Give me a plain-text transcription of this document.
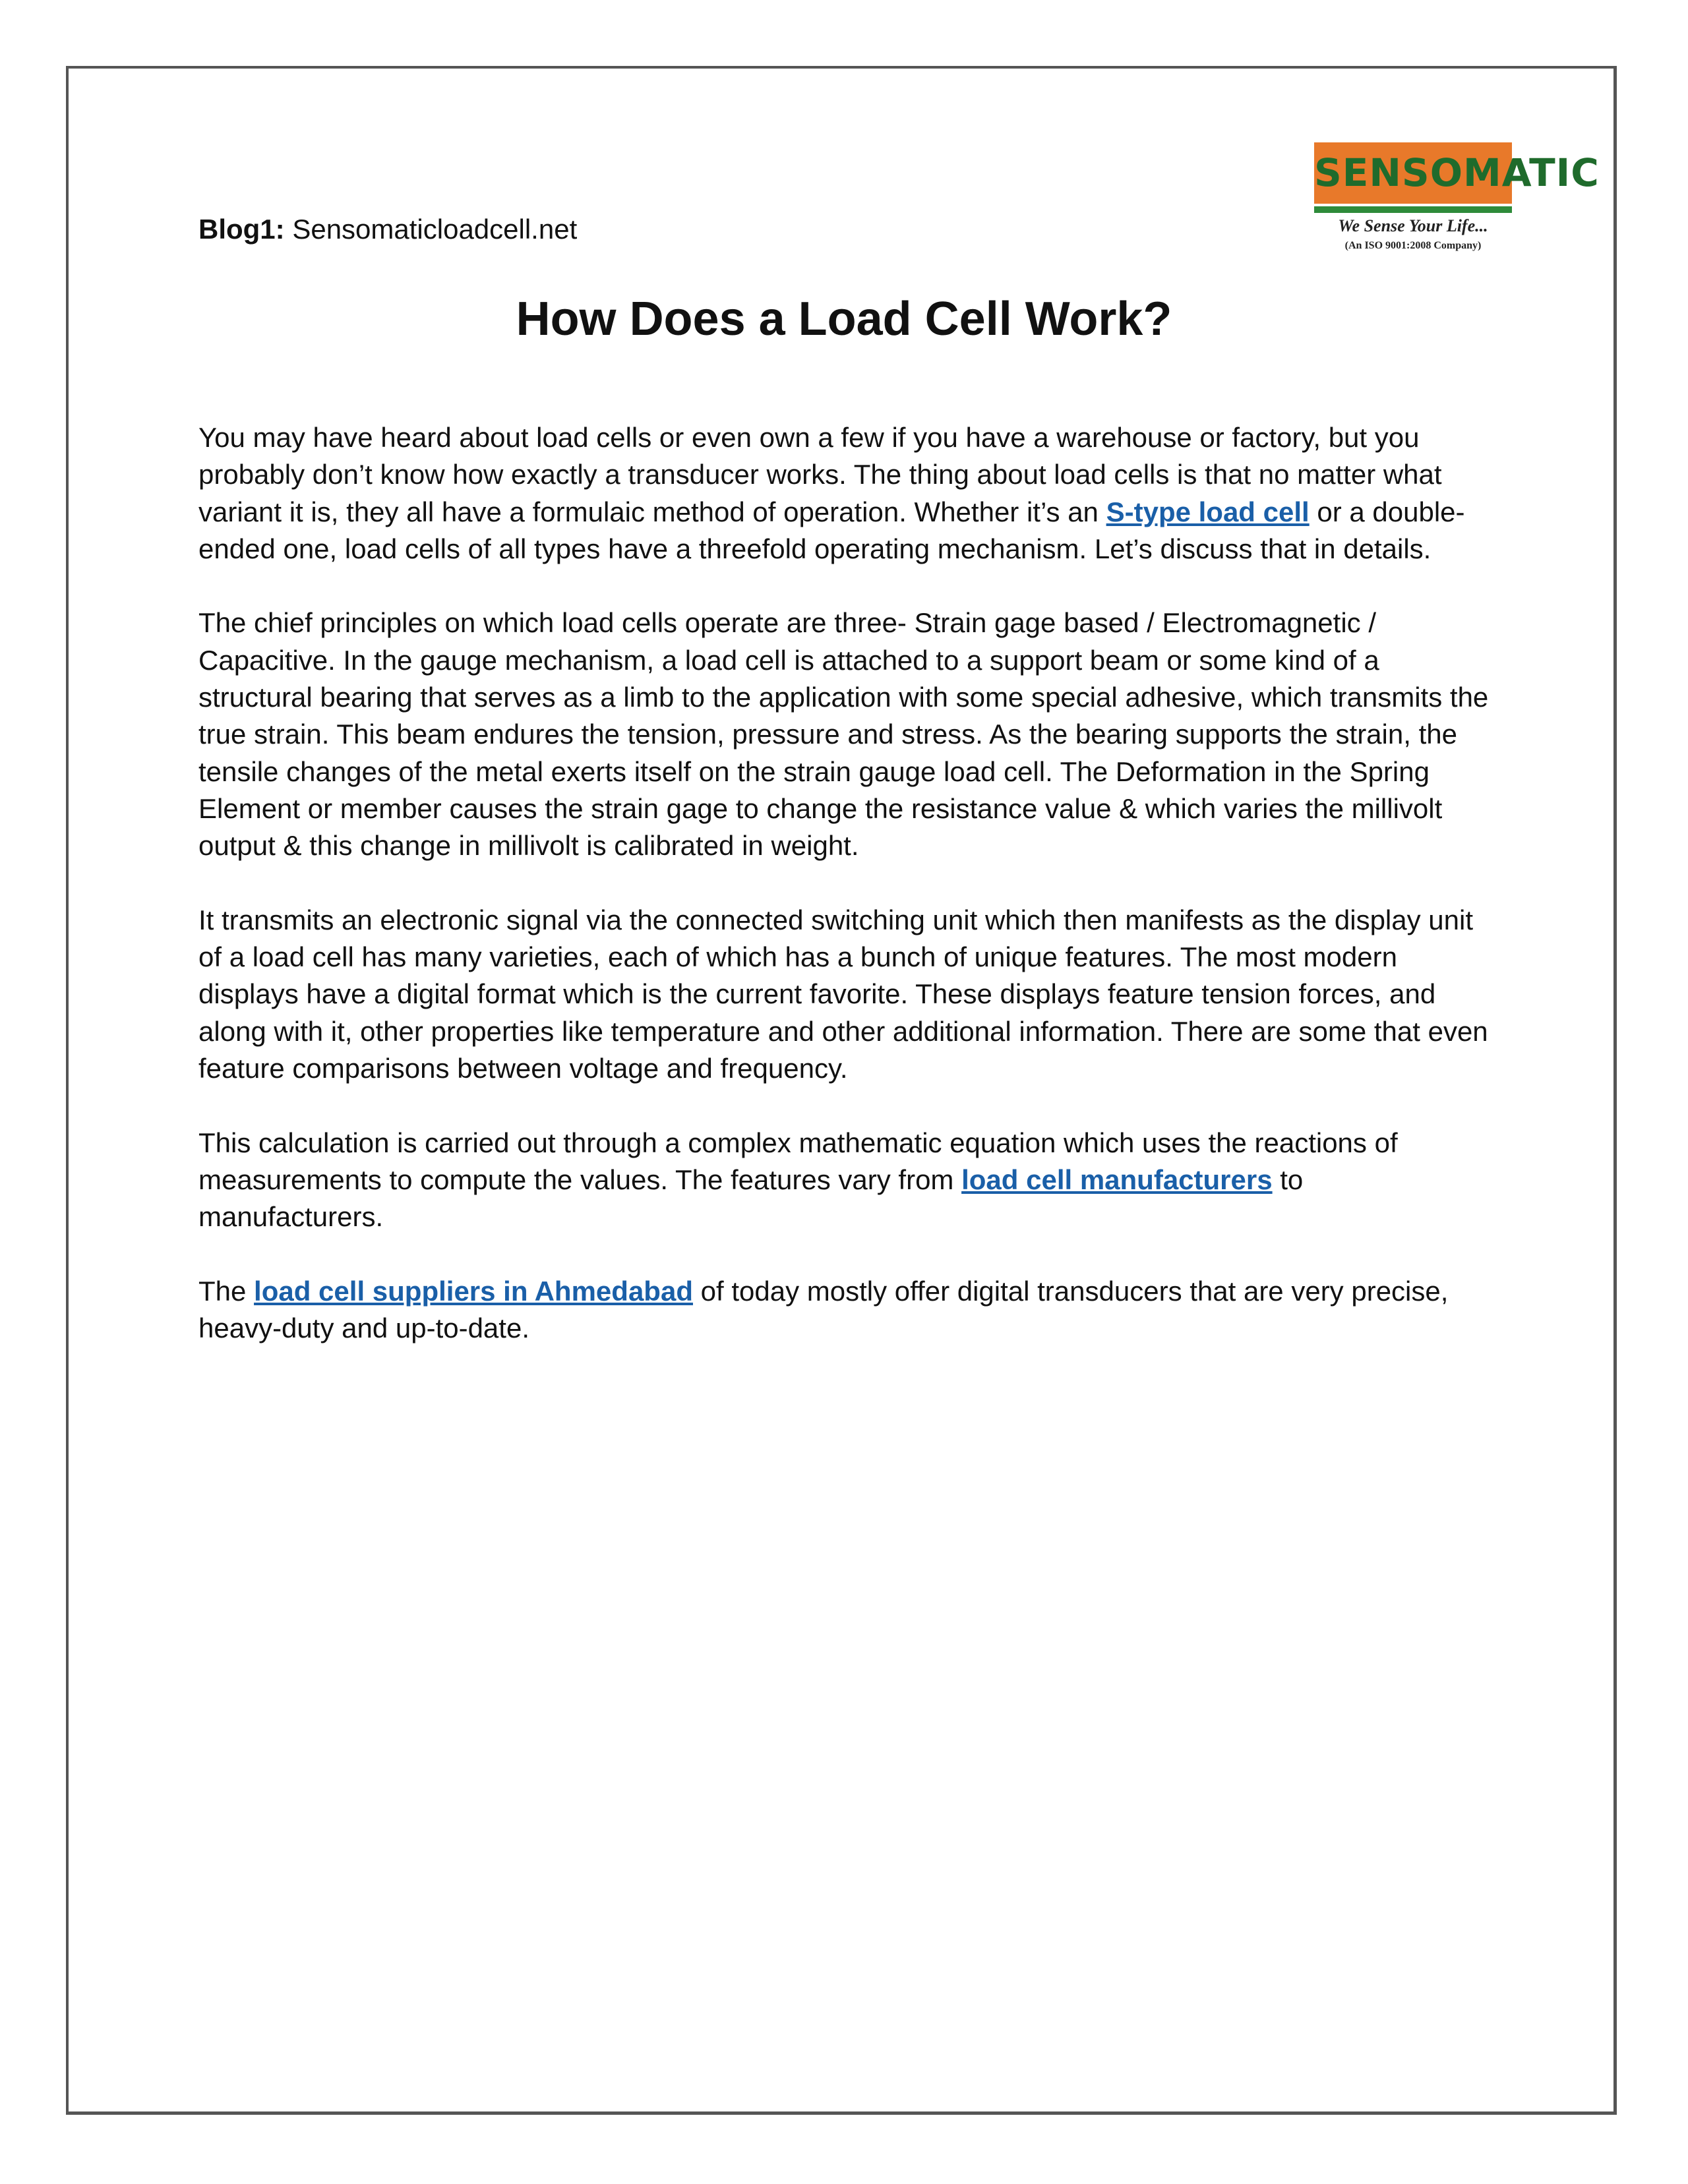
SENSOMATIC
We Sense Your Life...
(An ISO 9001:2008 Company)
Blog1: Sensomaticloadcell.net
How Does a Load Cell Work?

You may have heard about load cells or even own a few if you have a warehouse or factory, but you probably don’t know how exactly a transducer works. The thing about load cells is that no matter what variant it is, they all have a formulaic method of operation. Whether it’s an S-type load cell or a double-ended one, load cells of all types have a threefold operating mechanism. Let’s discuss that in details.

The chief principles on which load cells operate are three- Strain gage based / Electromagnetic / Capacitive. In the gauge mechanism, a load cell is attached to a support beam or some kind of a structural bearing that serves as a limb to the application with some special adhesive, which transmits the true strain. This beam endures the tension, pressure and stress. As the bearing supports the strain, the tensile changes of the metal exerts itself on the strain gauge load cell. The Deformation in the Spring Element or member causes the strain gage to change the resistance value & which varies the millivolt output & this change in millivolt is calibrated in weight.

It transmits an electronic signal via the connected switching unit which then manifests as the display unit of a load cell has many varieties, each of which has a bunch of unique features. The most modern displays have a digital format which is the current favorite. These displays feature tension forces, and along with it, other properties like temperature and other additional information. There are some that even feature comparisons between voltage and frequency.

This calculation is carried out through a complex mathematic equation which uses the reactions of measurements to compute the values. The features vary from load cell manufacturers to manufacturers.

The load cell suppliers in Ahmedabad of today mostly offer digital transducers that are very precise, heavy-duty and up-to-date.
